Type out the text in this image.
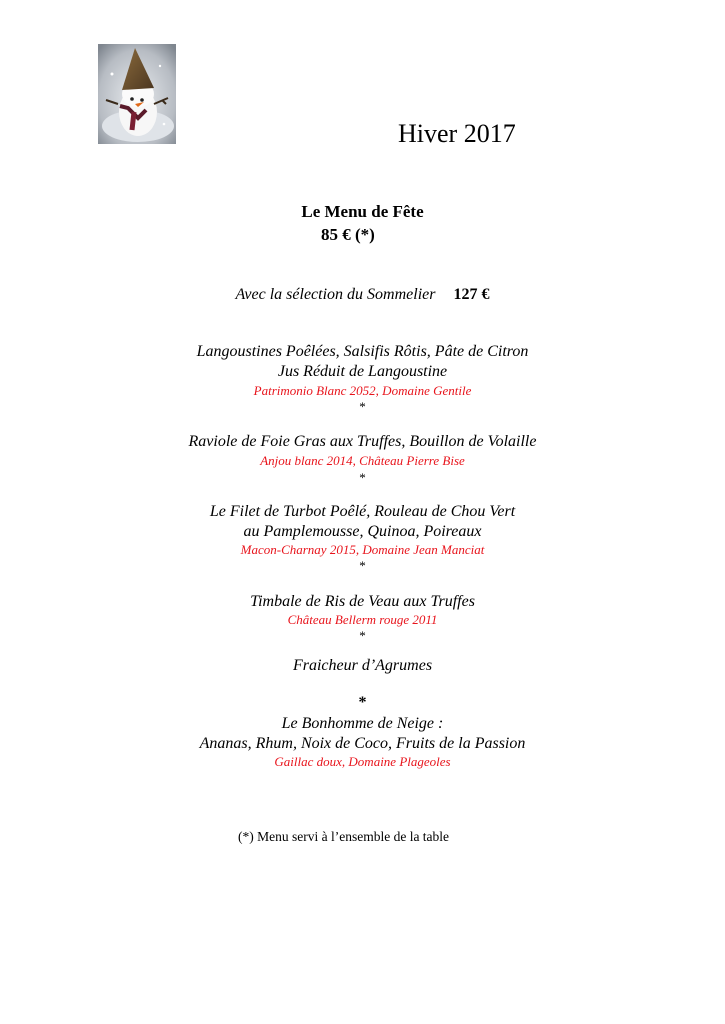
Hiver 2017
Le Menu de Fête
85 € (*)
Avec la sélection du Sommelier 127 €
Langoustines Poêlées, Salsifis Rôtis, Pâte de Citron
Jus Réduit de Langoustine
Patrimonio Blanc 2052, Domaine Gentile
*
Raviole de Foie Gras aux Truffes, Bouillon de Volaille
Anjou blanc 2014, Château Pierre Bise
*
Le Filet de Turbot Poêlé, Rouleau de Chou Vert
au Pamplemousse, Quinoa, Poireaux
Macon-Charnay 2015, Domaine Jean Manciat
*
Timbale de Ris de Veau aux Truffes
Château Bellerm rouge 2011
*
Fraicheur d’Agrumes
*
Le Bonhomme de Neige :
Ananas, Rhum, Noix de Coco, Fruits de la Passion
Gaillac doux, Domaine Plageoles
(*) Menu servi à l’ensemble de la table
